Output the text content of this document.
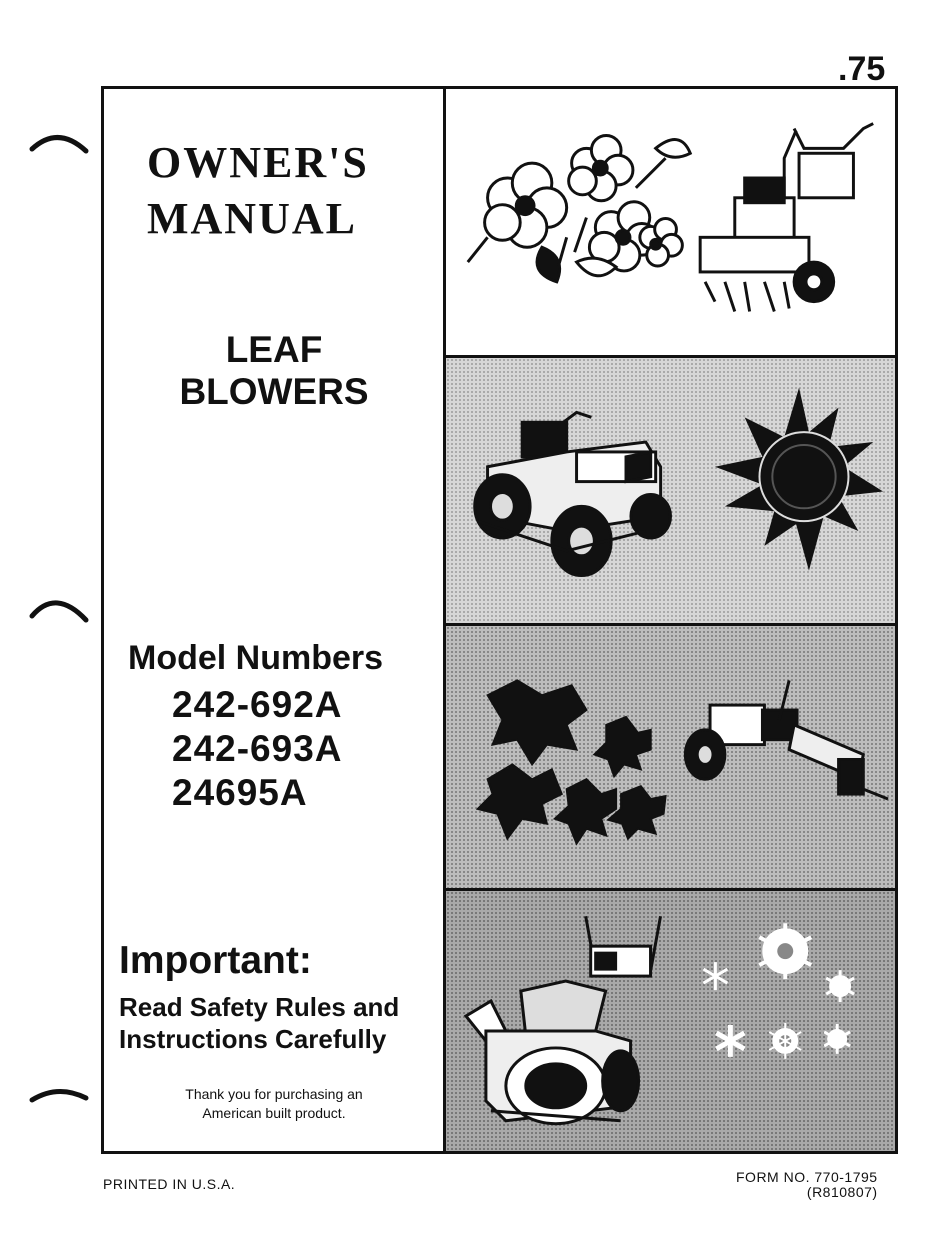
.75
OWNER'S
MANUAL
LEAF
BLOWERS

Model Numbers

242-692A
242-693A
24695A

Important:

Read Safety Rules and
Instructions Carefully

Thank you for purchasing an
American built product.

PRINTED IN U.S.A.	FORM NO. 770-1795
(R810807)
